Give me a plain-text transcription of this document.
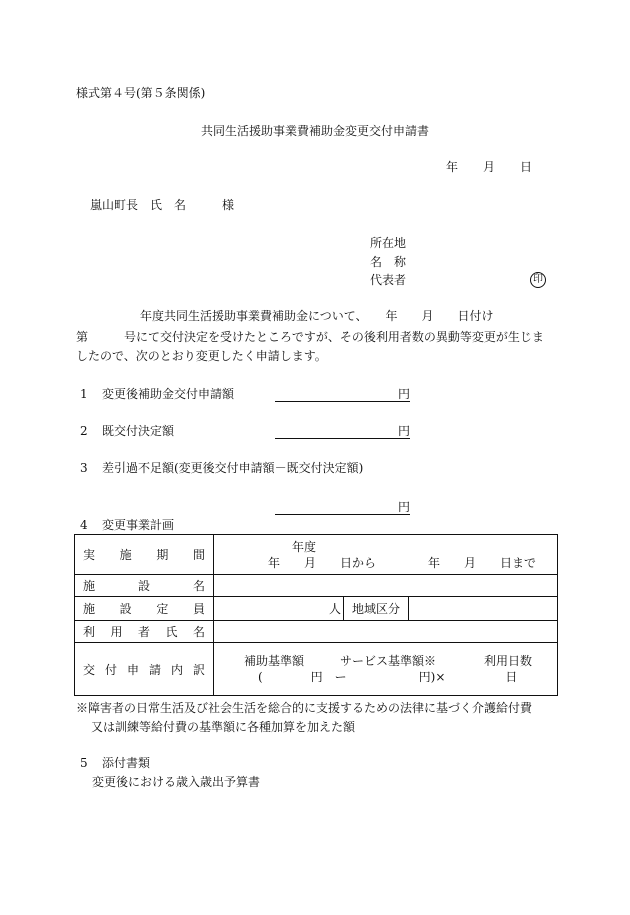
様式第４号(第５条関係)
共同生活援助事業費補助金変更交付申請書
年 月 日
嵐山町長　氏　名　　　様
所在地
名　称
代表者	印
年度共同生活援助事業費補助金について、　　年　　月　　日付け
第　　　号にて交付決定を受けたところですが、その後利用者数の異動等変更が生じま
したので、次のとおり変更したく申請します。
1 変更後補助金交付申請額	円
2 既交付決定額	円
3 差引過不足額(変更後交付申請額－既交付決定額)
円
4 変更事業計画
実施期間	年度
年　　月　　日から 年　　月　　日まで		

施設名			
施設定員	人	地域区分	
利用者氏名			
交付申請内訳	補助基準額　　　サービス基準額※　　　　利用日数
(　　　　円　ー　　　　　　円)×　　　　　日		
※障害者の日常生活及び社会生活を総合的に支援するための法律に基づく介護給付費
又は訓練等給付費の基準額に各種加算を加えた額
5 添付書類
変更後における歳入歳出予算書
